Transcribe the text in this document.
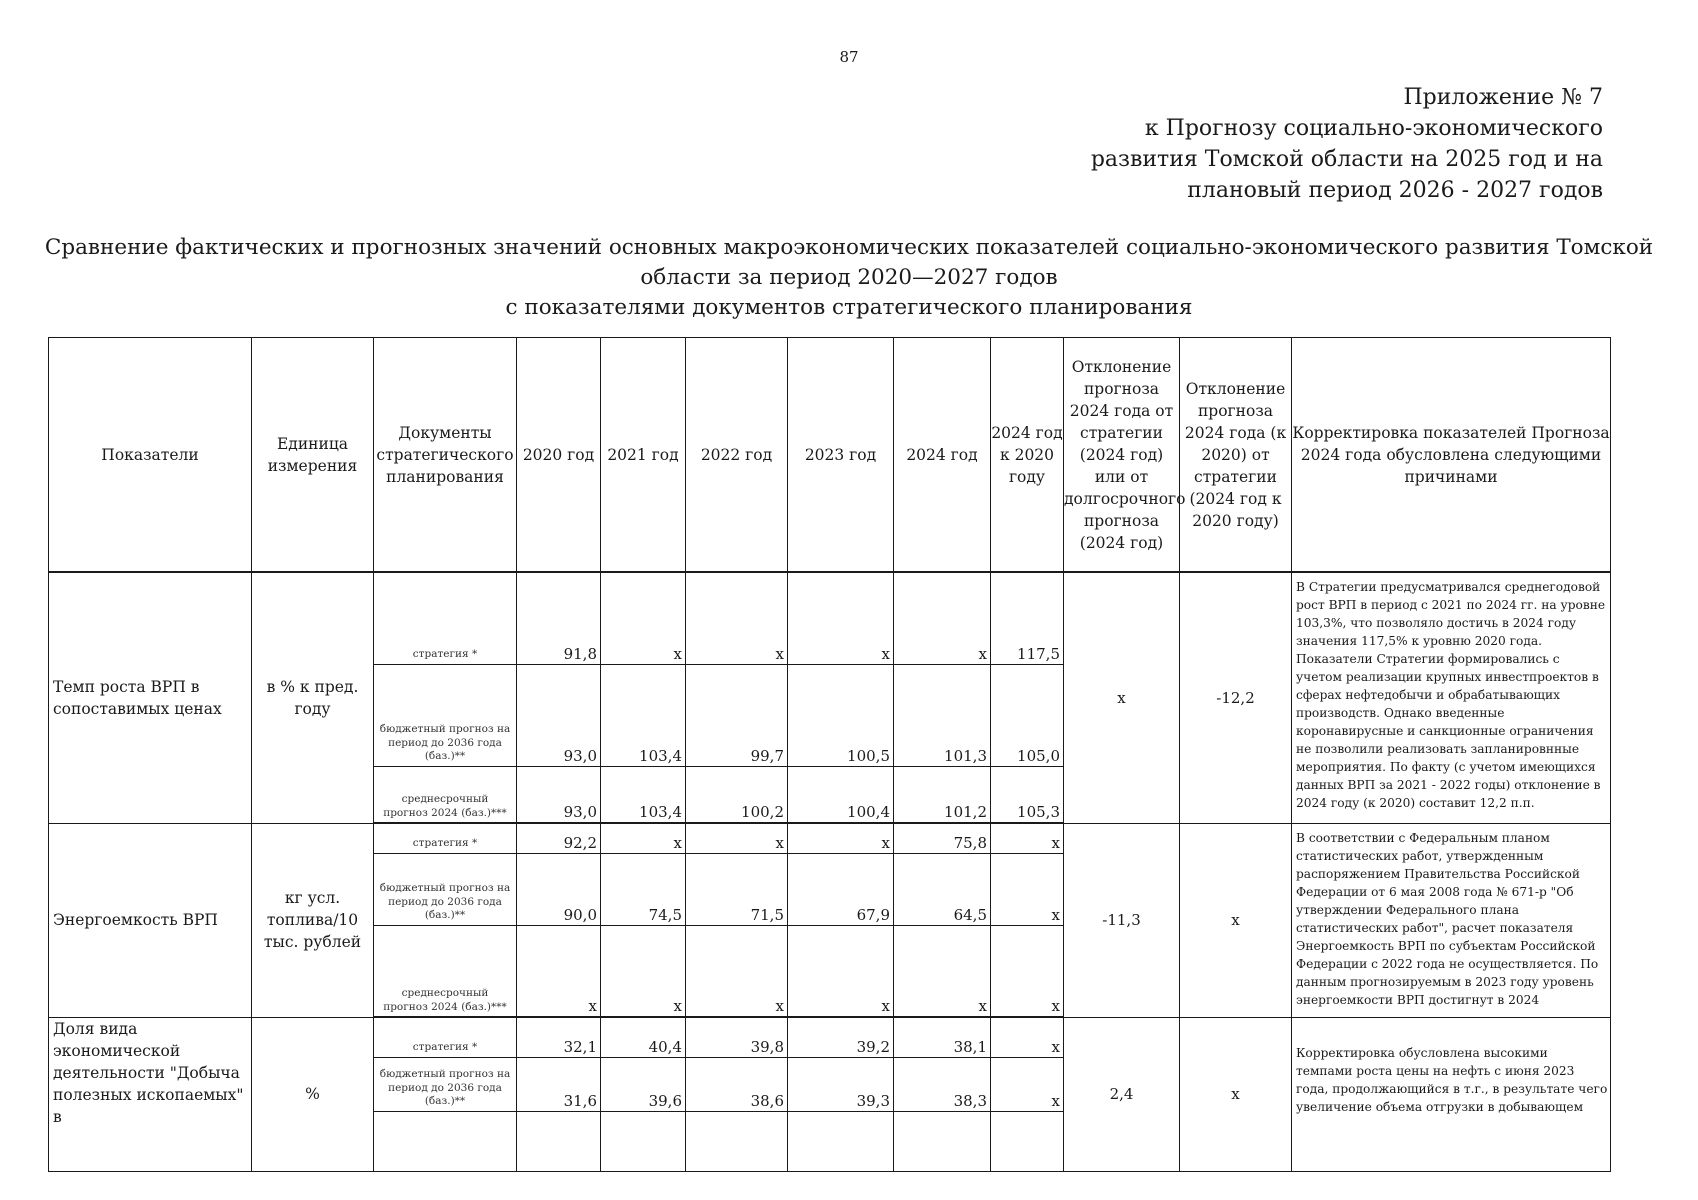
87
Приложение № 7
к Прогнозу социально-экономического
развития Томской области на 2025 год и на
плановый период 2026 - 2027 годов
Сравнение фактических и прогнозных значений основных макроэкономических показателей социально-экономического развития Томской
области за период 2020—2027 годов
с показателями документов стратегического планирования
Показатели	Единица измерения	Документы стратегического планирования	2020 год	2021 год	2022 год	2023 год	2024 год	2024 год к 2020 году	Отклонение прогноза 2024 года от стратегии (2024 год) или от долгосрочного прогноза (2024 год)	Отклонение прогноза 2024 года (к 2020) от стратегии (2024 год к 2020 году)	Корректировка показателей Прогноза 2024 года обусловлена следующими причинами
Темп роста ВРП в сопоставимых ценах	в % к пред. году	стратегия *	91,8	x	x	x	x	117,5	x	-12,2	В Стратегии предусматривался среднегодовой рост ВРП в период с 2021 по 2024 гг. на уровне 103,3%, что позволяло достичь в 2024 году значения 117,5% к уровню 2020 года. Показатели Стратегии формировались с учетом реализации крупных инвестпроектов в сферах нефтедобычи и обрабатывающих производств. Однако введенные коронавирусные и санкционные ограничения не позволили реализовать запланировнные мероприятия. По факту (с учетом имеющихся данных ВРП за 2021 - 2022 годы) отклонение в 2024 году (к 2020) составит 12,2 п.п.
		бюджетный прогноз на период до 2036 года (баз.)**	93,0	103,4	99,7	100,5	101,3	105,0			
		среднесрочный прогноз 2024 (баз.)***	93,0	103,4	100,2	100,4	101,2	105,3			
Энергоемкость ВРП	кг усл. топлива/10 тыс. рублей	стратегия *	92,2	x	x	x	75,8	x	-11,3	x	В соответствии с Федеральным планом статистических работ, утвержденным распоряжением Правительства Российской Федерации от 6 мая 2008 года № 671-р "Об утверждении Федерального плана статистических работ", расчет показателя Энергоемкость ВРП по субъектам Российской Федерации с 2022 года не осуществляется. По данным прогнозируемым в 2023 году уровень энергоемкости ВРП достигнут в 2024
		бюджетный прогноз на период до 2036 года (баз.)**	90,0	74,5	71,5	67,9	64,5	x			
		среднесрочный прогноз 2024 (баз.)***	x	x	x	x	x	x			
Доля вида экономической деятельности "Добыча полезных ископаемых" в	%	стратегия *	32,1	40,4	39,8	39,2	38,1	x	2,4	x	Корректировка обусловлена высокими темпами роста цены на нефть с июня 2023 года, продолжающийся в т.г., в результате чего увеличение объема отгрузки в добывающем
		бюджетный прогноз на период до 2036 года (баз.)**	31,6	39,6	38,6	39,3	38,3	x			
